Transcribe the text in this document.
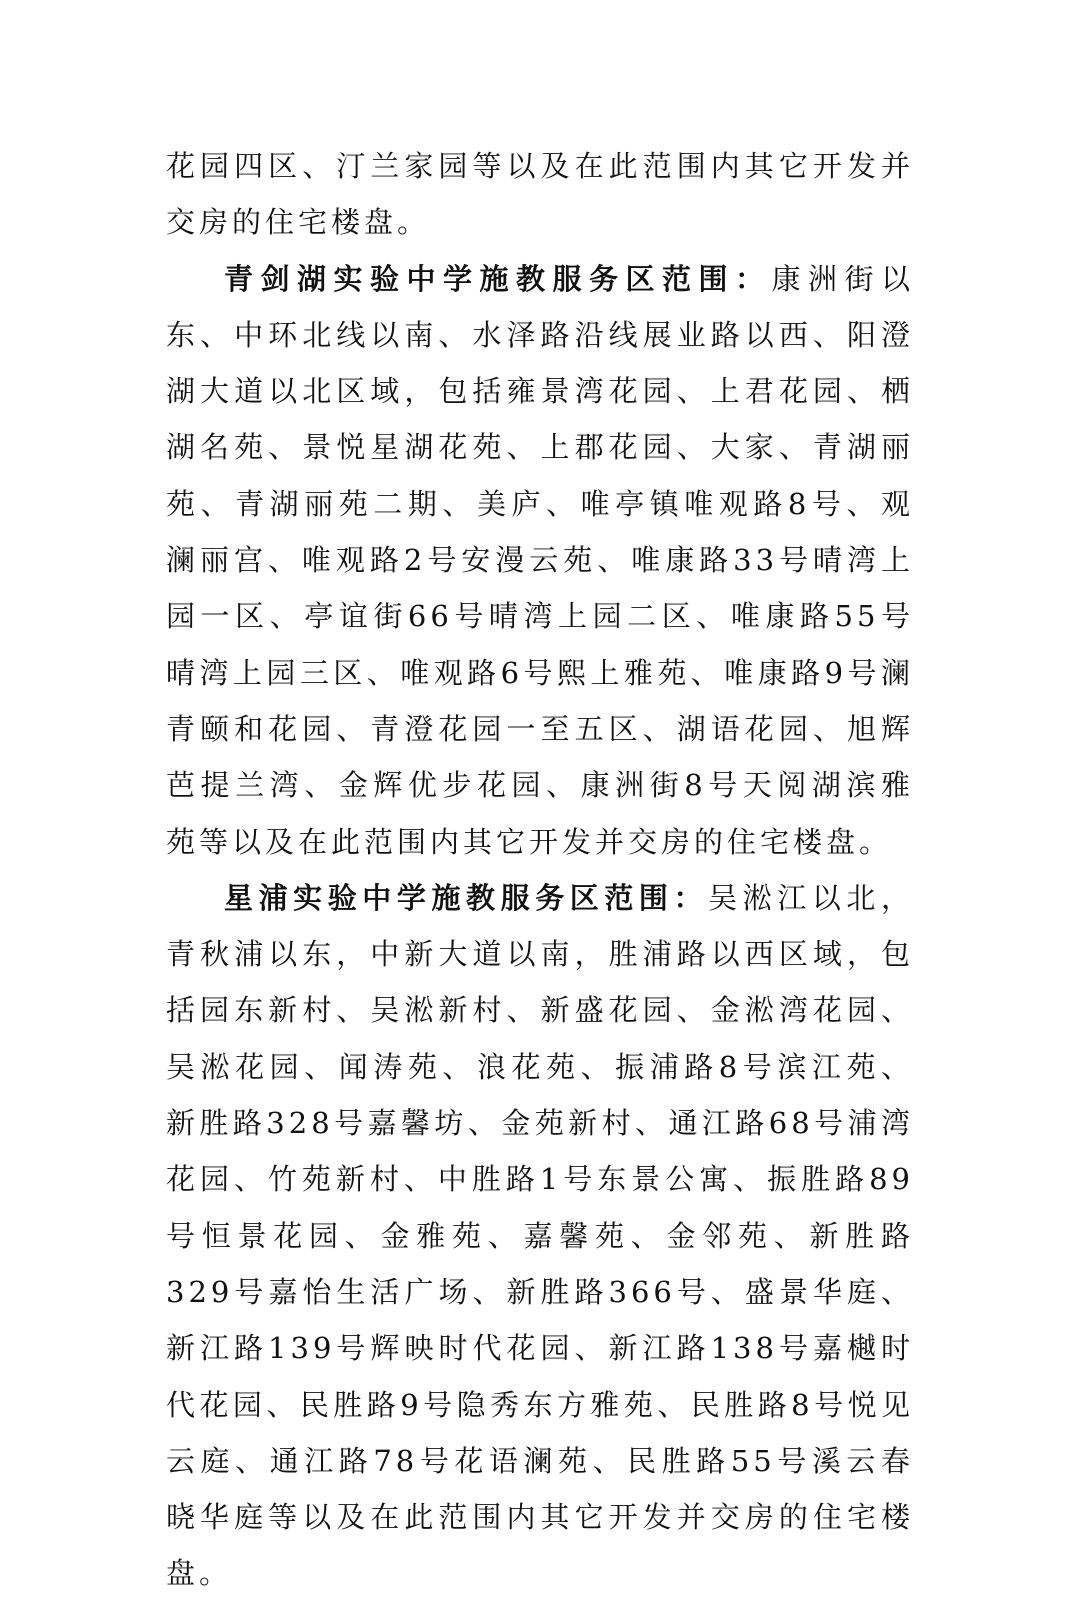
花园四区、汀兰家园等以及在此范围内其它开发并交房的住宅楼盘。

青剑湖实验中学施教服务区范围：康洲街以东、中环北线以南、水泽路沿线展业路以西、阳澄湖大道以北区域，包括雍景湾花园、上君花园、栖湖名苑、景悦星湖花苑、上郡花园、大家、青湖丽苑、青湖丽苑二期、美庐、唯亭镇唯观路8号、观澜丽宫、唯观路2号安漫云苑、唯康路33号晴湾上园一区、亭谊街66号晴湾上园二区、唯康路55号晴湾上园三区、唯观路6号熙上雅苑、唯康路9号澜青颐和花园、青澄花园一至五区、湖语花园、旭辉芭提兰湾、金辉优步花园、康洲街8号天阅湖滨雅苑等以及在此范围内其它开发并交房的住宅楼盘。

星浦实验中学施教服务区范围：吴淞江以北，青秋浦以东，中新大道以南，胜浦路以西区域，包括园东新村、吴淞新村、新盛花园、金淞湾花园、吴淞花园、闻涛苑、浪花苑、振浦路8号滨江苑、新胜路328号嘉馨坊、金苑新村、通江路68号浦湾花园、竹苑新村、中胜路1号东景公寓、振胜路89号恒景花园、金雅苑、嘉馨苑、金邻苑、新胜路329号嘉怡生活广场、新胜路366号、盛景华庭、新江路139号辉映时代花园、新江路138号嘉樾时代花园、民胜路9号隐秀东方雅苑、民胜路8号悦见云庭、通江路78号花语澜苑、民胜路55号溪云春晓华庭等以及在此范围内其它开发并交房的住宅楼盘。
